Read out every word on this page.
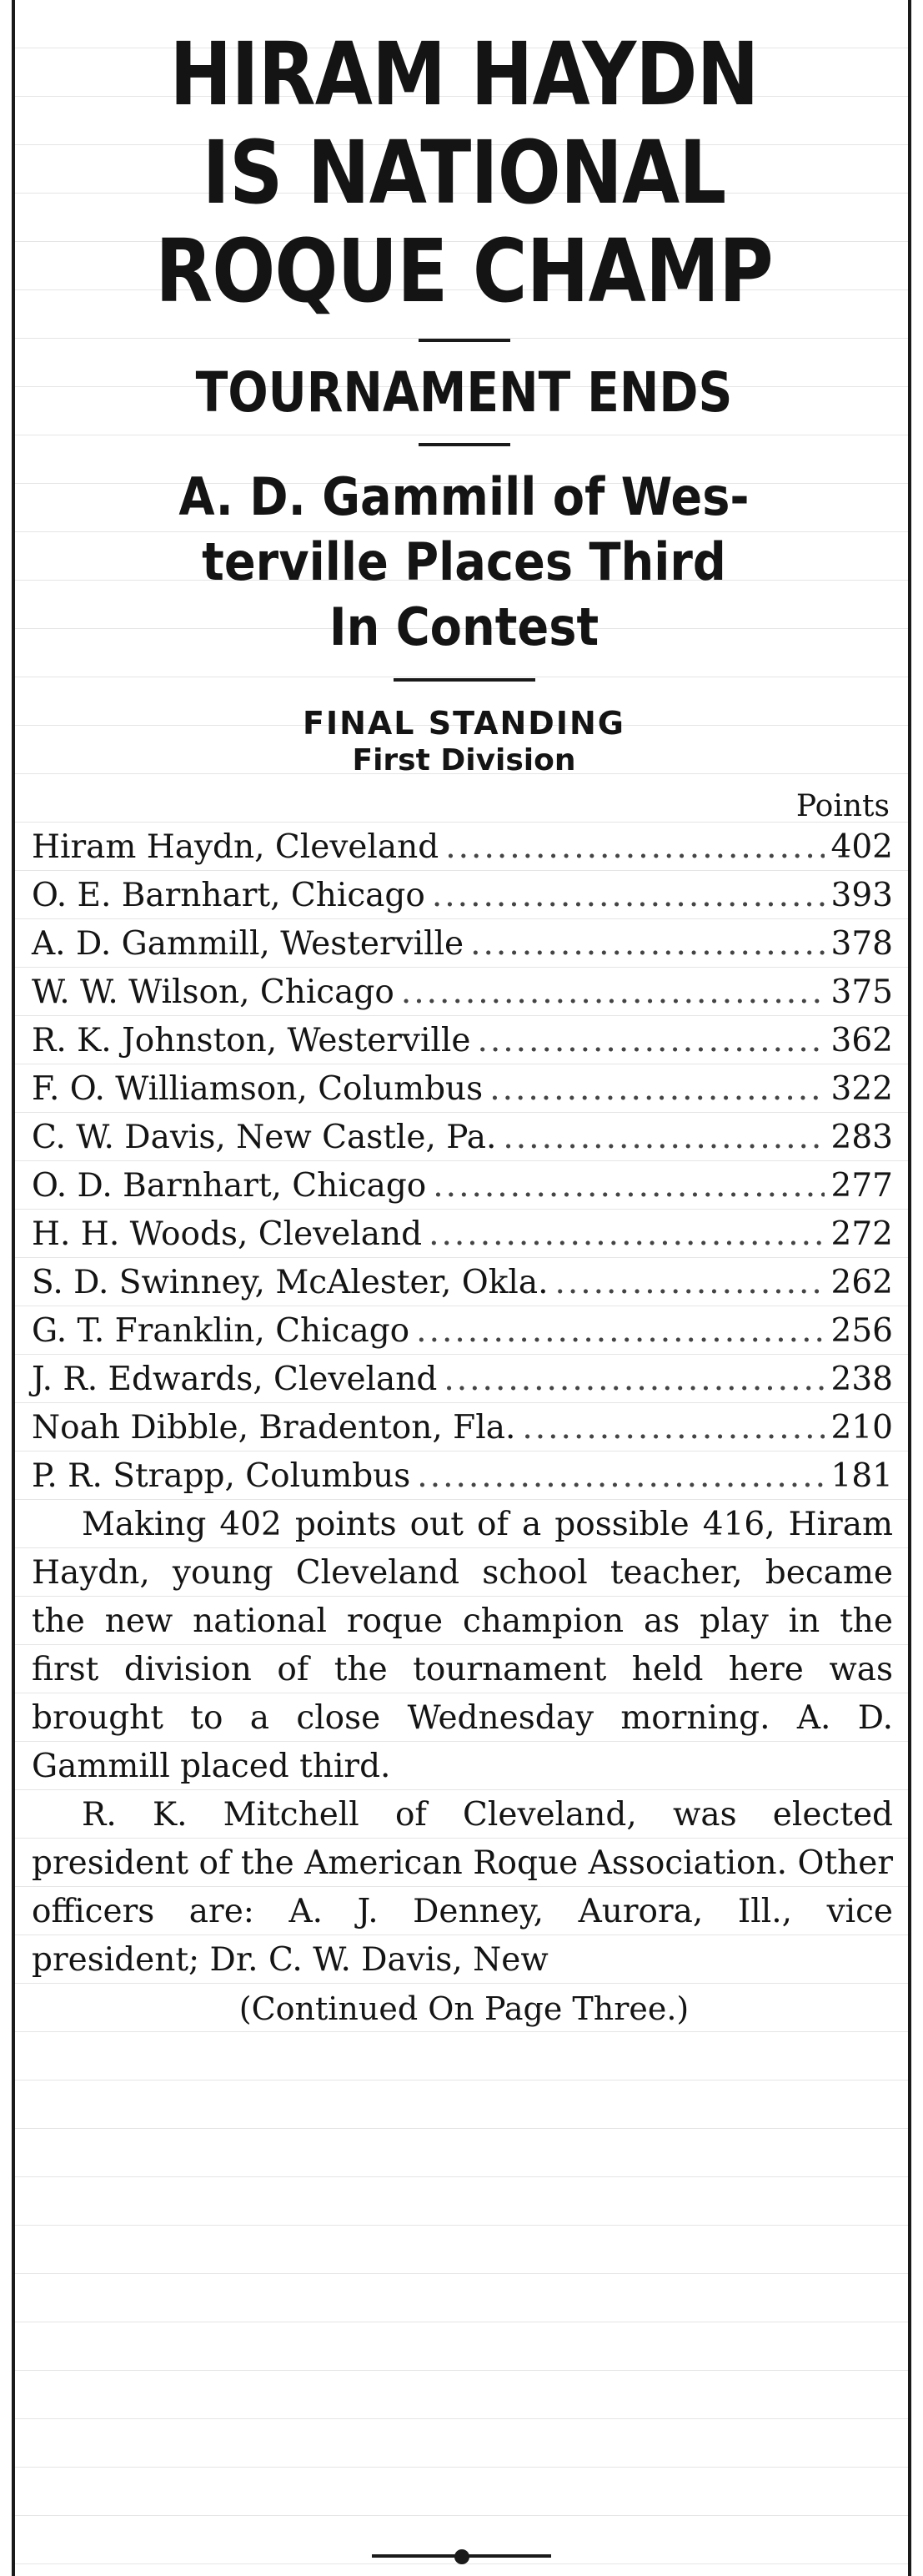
HIRAM HAYDN
IS NATIONAL
ROQUE CHAMP
TOURNAMENT ENDS
A. D. Gammill of Wes-
terville Places Third
In Contest
FINAL STANDING
First Division
Points
Hiram Haydn, Cleveland .....	402
O. E. Barnhart, Chicago .....	393
A. D. Gammill, Westerville .....	378
W. W. Wilson, Chicago .....	375
R. K. Johnston, Westerville .....	362
F. O. Williamson, Columbus .....	322
C. W. Davis, New Castle, Pa. .....	283
O. D. Barnhart, Chicago .....	277
H. H. Woods, Cleveland .....	272
S. D. Swinney, McAlester, Okla. .....	262
G. T. Franklin, Chicago .....	256
J. R. Edwards, Cleveland .....	238
Noah Dibble, Bradenton, Fla. .....	210
P. R. Strapp, Columbus .....	181

Making 402 points out of a possible 416, Hiram Haydn, young Cleveland school teacher, became the new national roque champion as play in the first division of the tournament held here was brought to a close Wednesday morning. A. D. Gammill placed third.

R. K. Mitchell of Cleveland, was elected president of the American Roque Association. Other officers are: A. J. Denney, Aurora, Ill., vice president; Dr. C. W. Davis, New

(Continued On Page Three.)
